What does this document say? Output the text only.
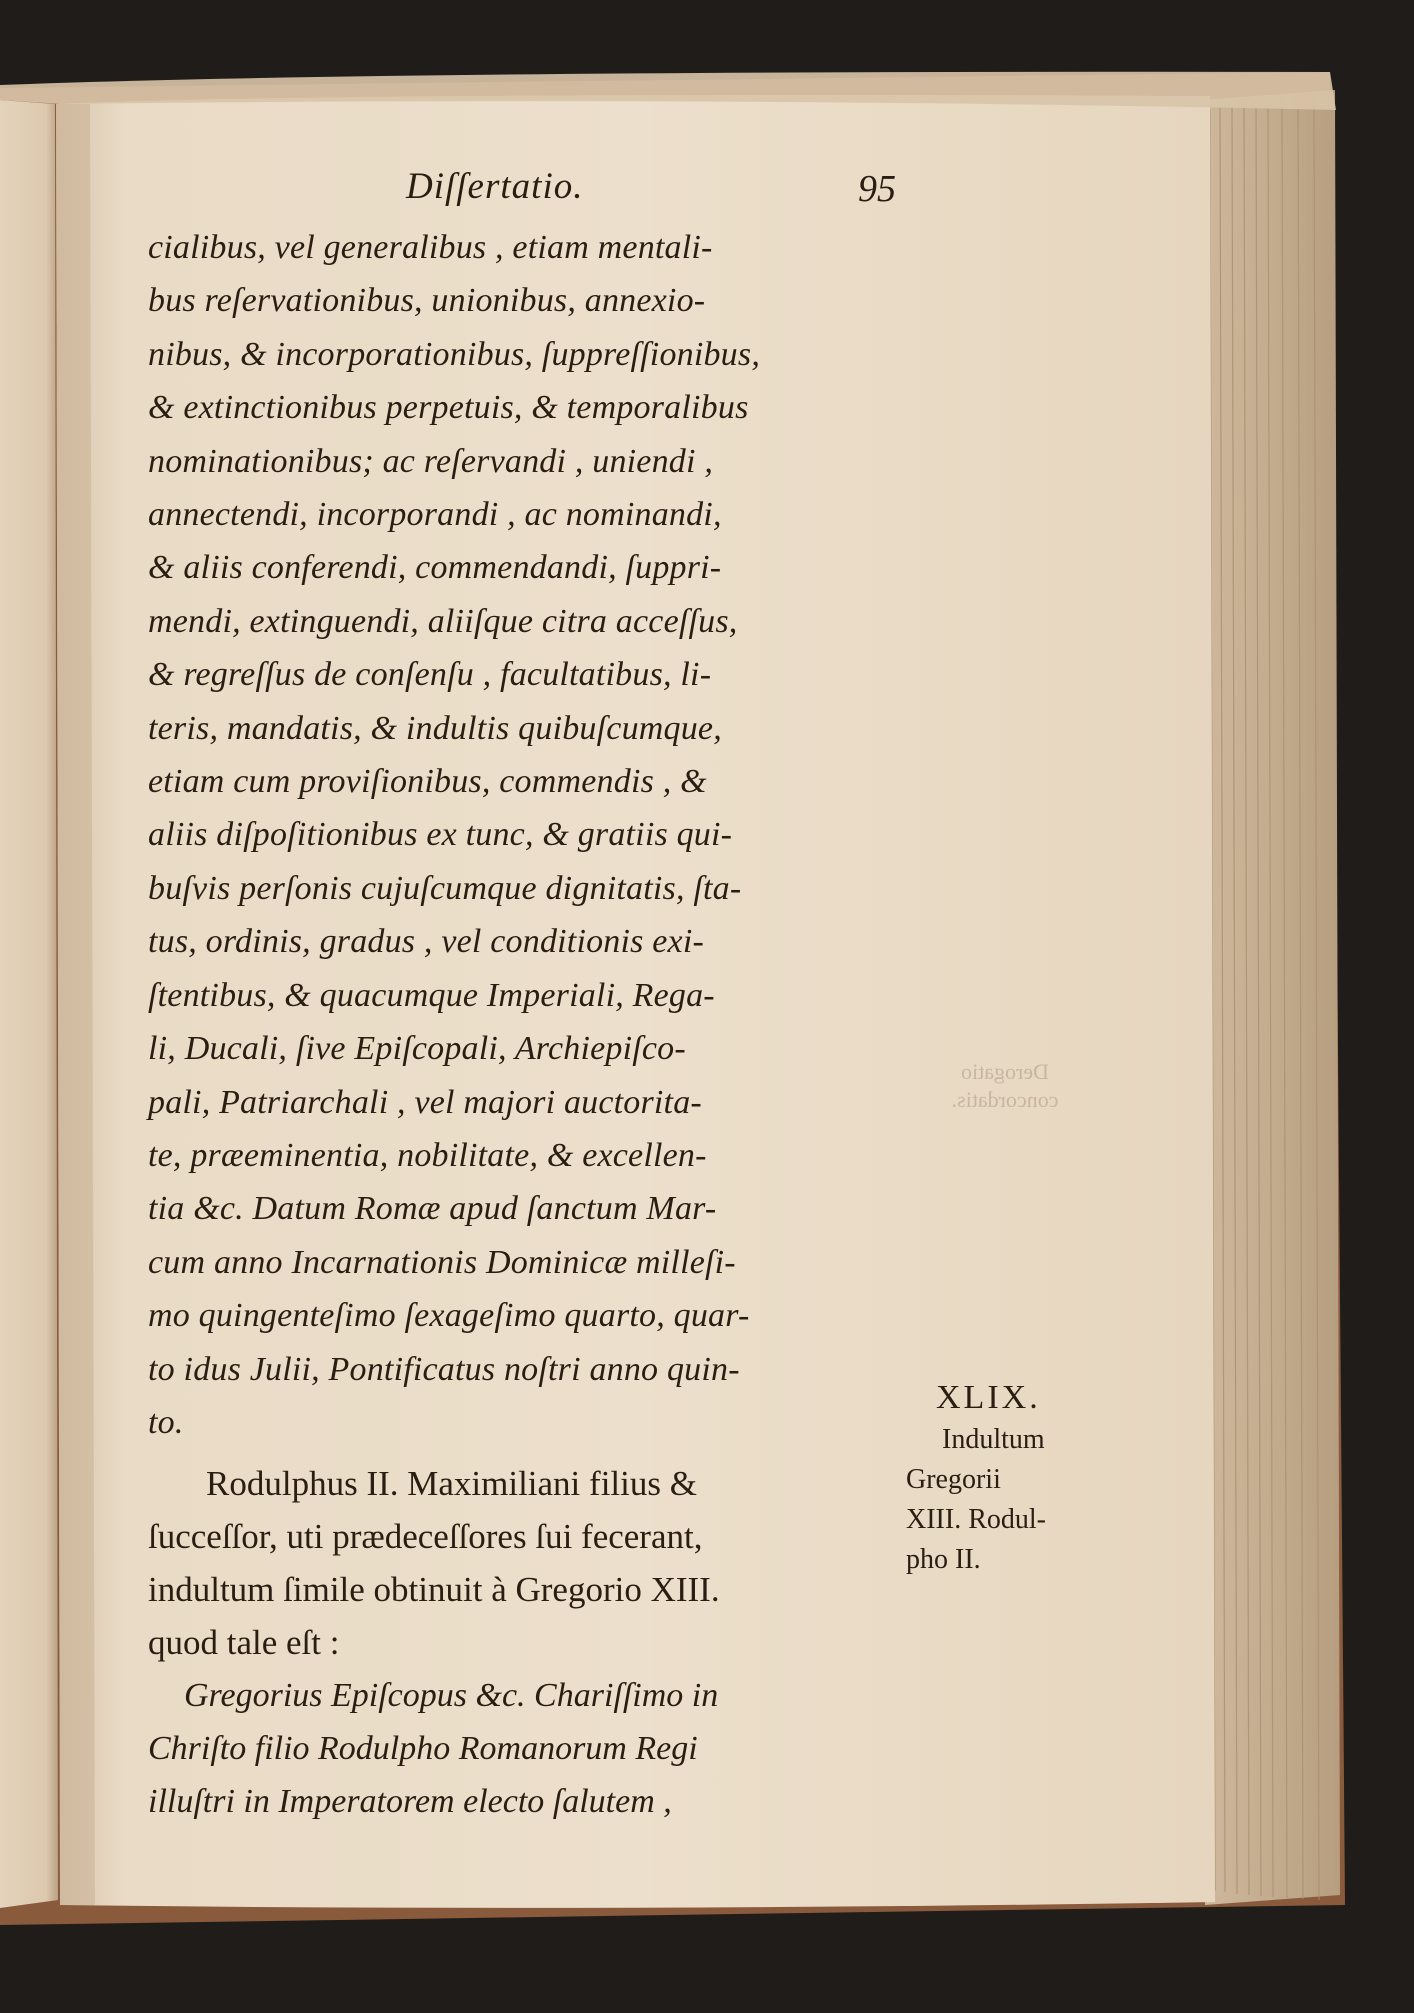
Derogatio
concordatis.
Diſſertatio.	95
cialibus, vel generalibus , etiam mentali-
bus reſervationibus, unionibus, annexio-
nibus, & incorporationibus, ſuppreſſionibus,
& extinctionibus perpetuis, & temporalibus
nominationibus; ac reſervandi , uniendi ,
annectendi, incorporandi , ac nominandi,
& aliis conferendi, commendandi, ſuppri-
mendi, extinguendi, aliiſque citra acceſſus,
& regreſſus de conſenſu , facultatibus, li-
teris, mandatis, & indultis quibuſcumque,
etiam cum proviſionibus, commendis , &
aliis diſpoſitionibus ex tunc, & gratiis qui-
buſvis perſonis cujuſcumque dignitatis, ſta-
tus, ordinis, gradus , vel conditionis exi-
ſtentibus, & quacumque Imperiali, Rega-
li, Ducali, ſive Epiſcopali, Archiepiſco-
pali, Patriarchali , vel majori auctorita-
te, præeminentia, nobilitate, & excellen-
tia &c. Datum Romæ apud ſanctum Mar-
cum anno Incarnationis Dominicæ milleſi-
mo quingenteſimo ſexageſimo quarto, quar-
to idus Julii, Pontificatus noſtri anno quin-
to.
Rodulphus II. Maximiliani filius &
ſucceſſor, uti prædeceſſores ſui fecerant,
indultum ſimile obtinuit à Gregorio XIII.
quod tale eſt :
Gregorius Epiſcopus &c. Chariſſimo in
Chriſto filio Rodulpho Romanorum Regi
illuſtri in Imperatorem electo ſalutem ,
XLIX.
Indultum
Gregorii
XIII. Rodul-
pho II.
